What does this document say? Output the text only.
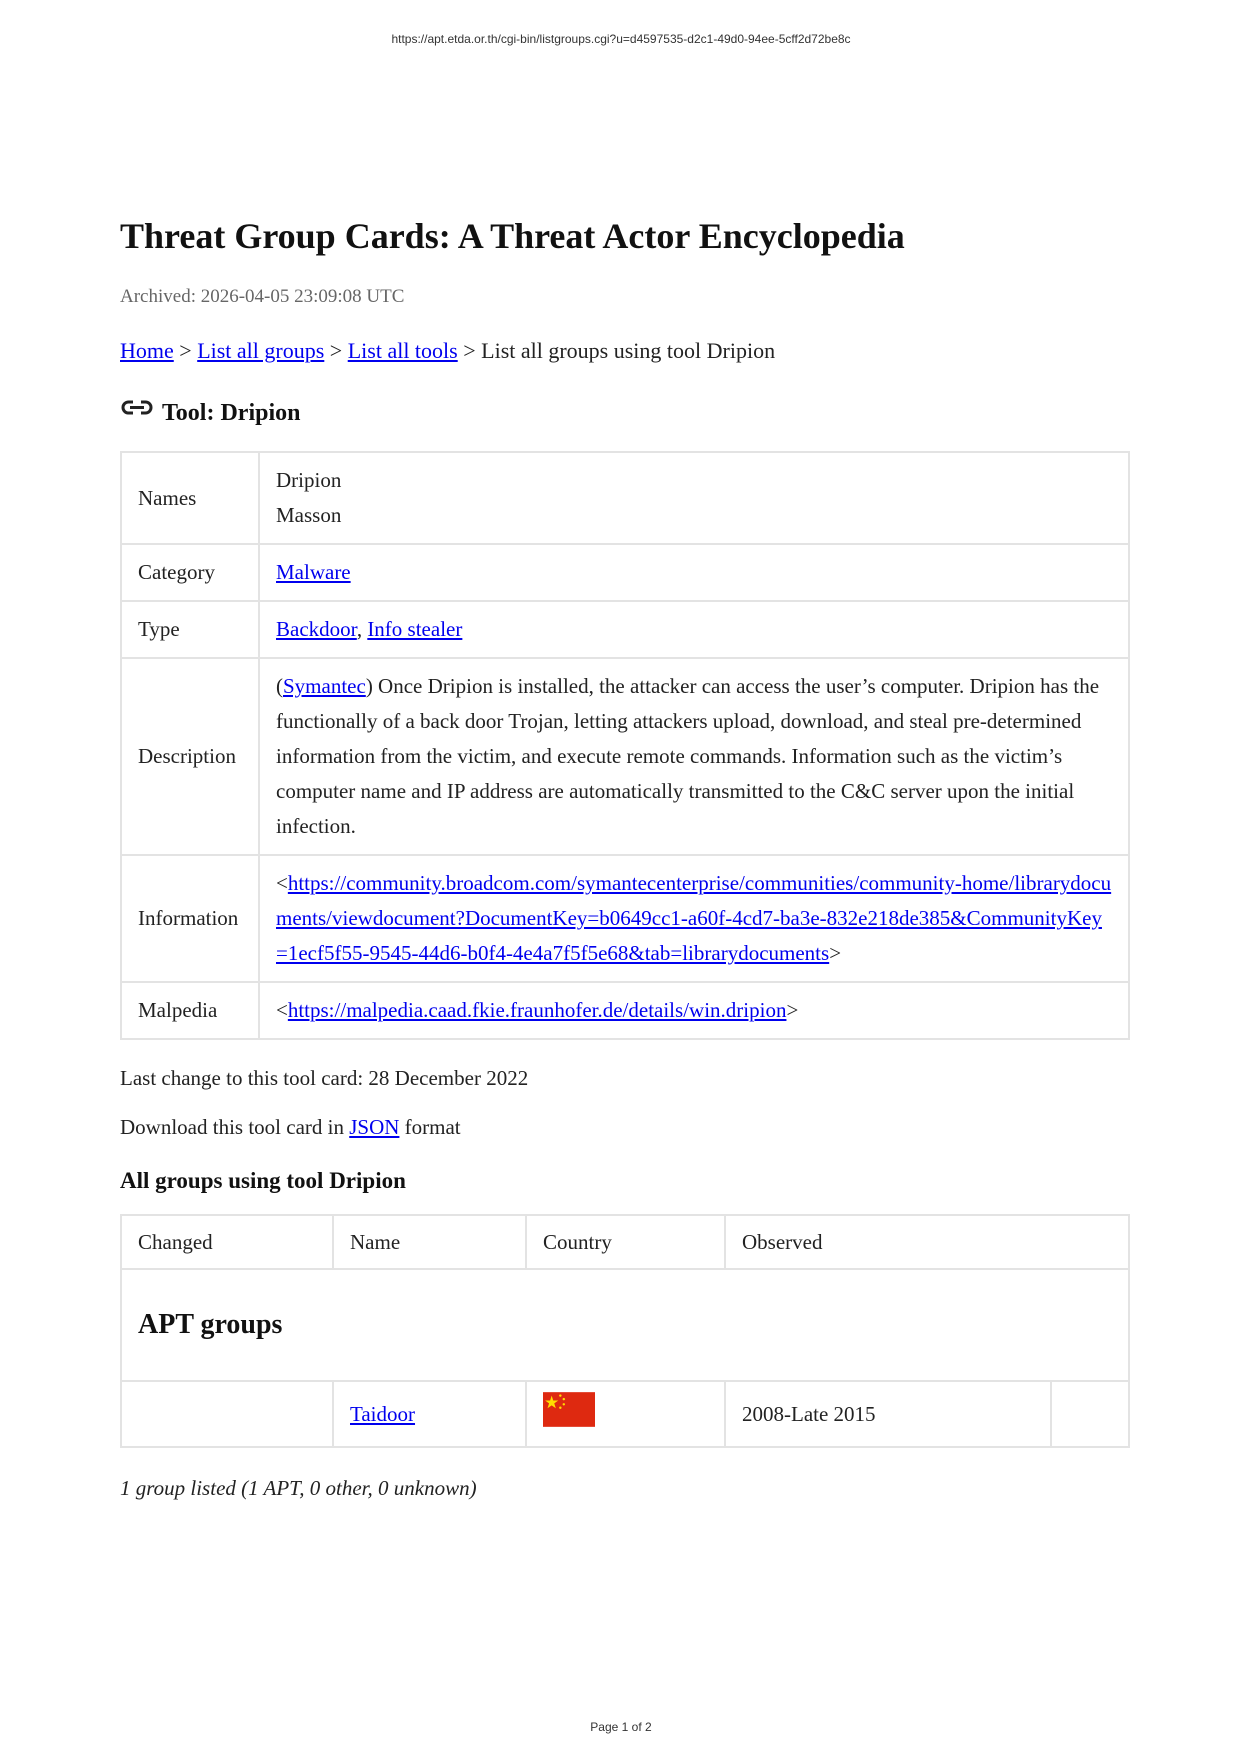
https://apt.etda.or.th/cgi-bin/listgroups.cgi?u=d4597535-d2c1-49d0-94ee-5cff2d72be8c
Threat Group Cards: A Threat Actor Encyclopedia
Archived: 2026-04-05 23:09:08 UTC
Home > List all groups > List all tools > List all groups using tool Dripion
Tool: Dripion
Names	Dripion
Masson

Category	Malware
Type	Backdoor, Info stealer
Description	(Symantec) Once Dripion is installed, the attacker can access the user’s computer. Dripion has the functionally of a back door Trojan, letting attackers upload, download, and steal pre-determined information from the victim, and execute remote commands. Information such as the victim’s computer name and IP address are automatically transmitted to the C&C server upon the initial infection.
Information	<https://community.broadcom.com/symantecenterprise/communities/community-home/librarydocuments/viewdocument?DocumentKey=b0649cc1-a60f-4cd7-ba3e-832e218de385&CommunityKey=1ecf5f55-9545-44d6-b0f4-4e4a7f5f5e68&tab=librarydocuments>
Malpedia	<https://malpedia.caad.fkie.fraunhofer.de/details/win.dripion>
Last change to this tool card: 28 December 2022
Download this tool card in JSON format
All groups using tool Dripion
Changed	Name	Country	Observed	
APT groups				
	Taidoor		2008-Late 2015	
1 group listed (1 APT, 0 other, 0 unknown)
Page 1 of 2
